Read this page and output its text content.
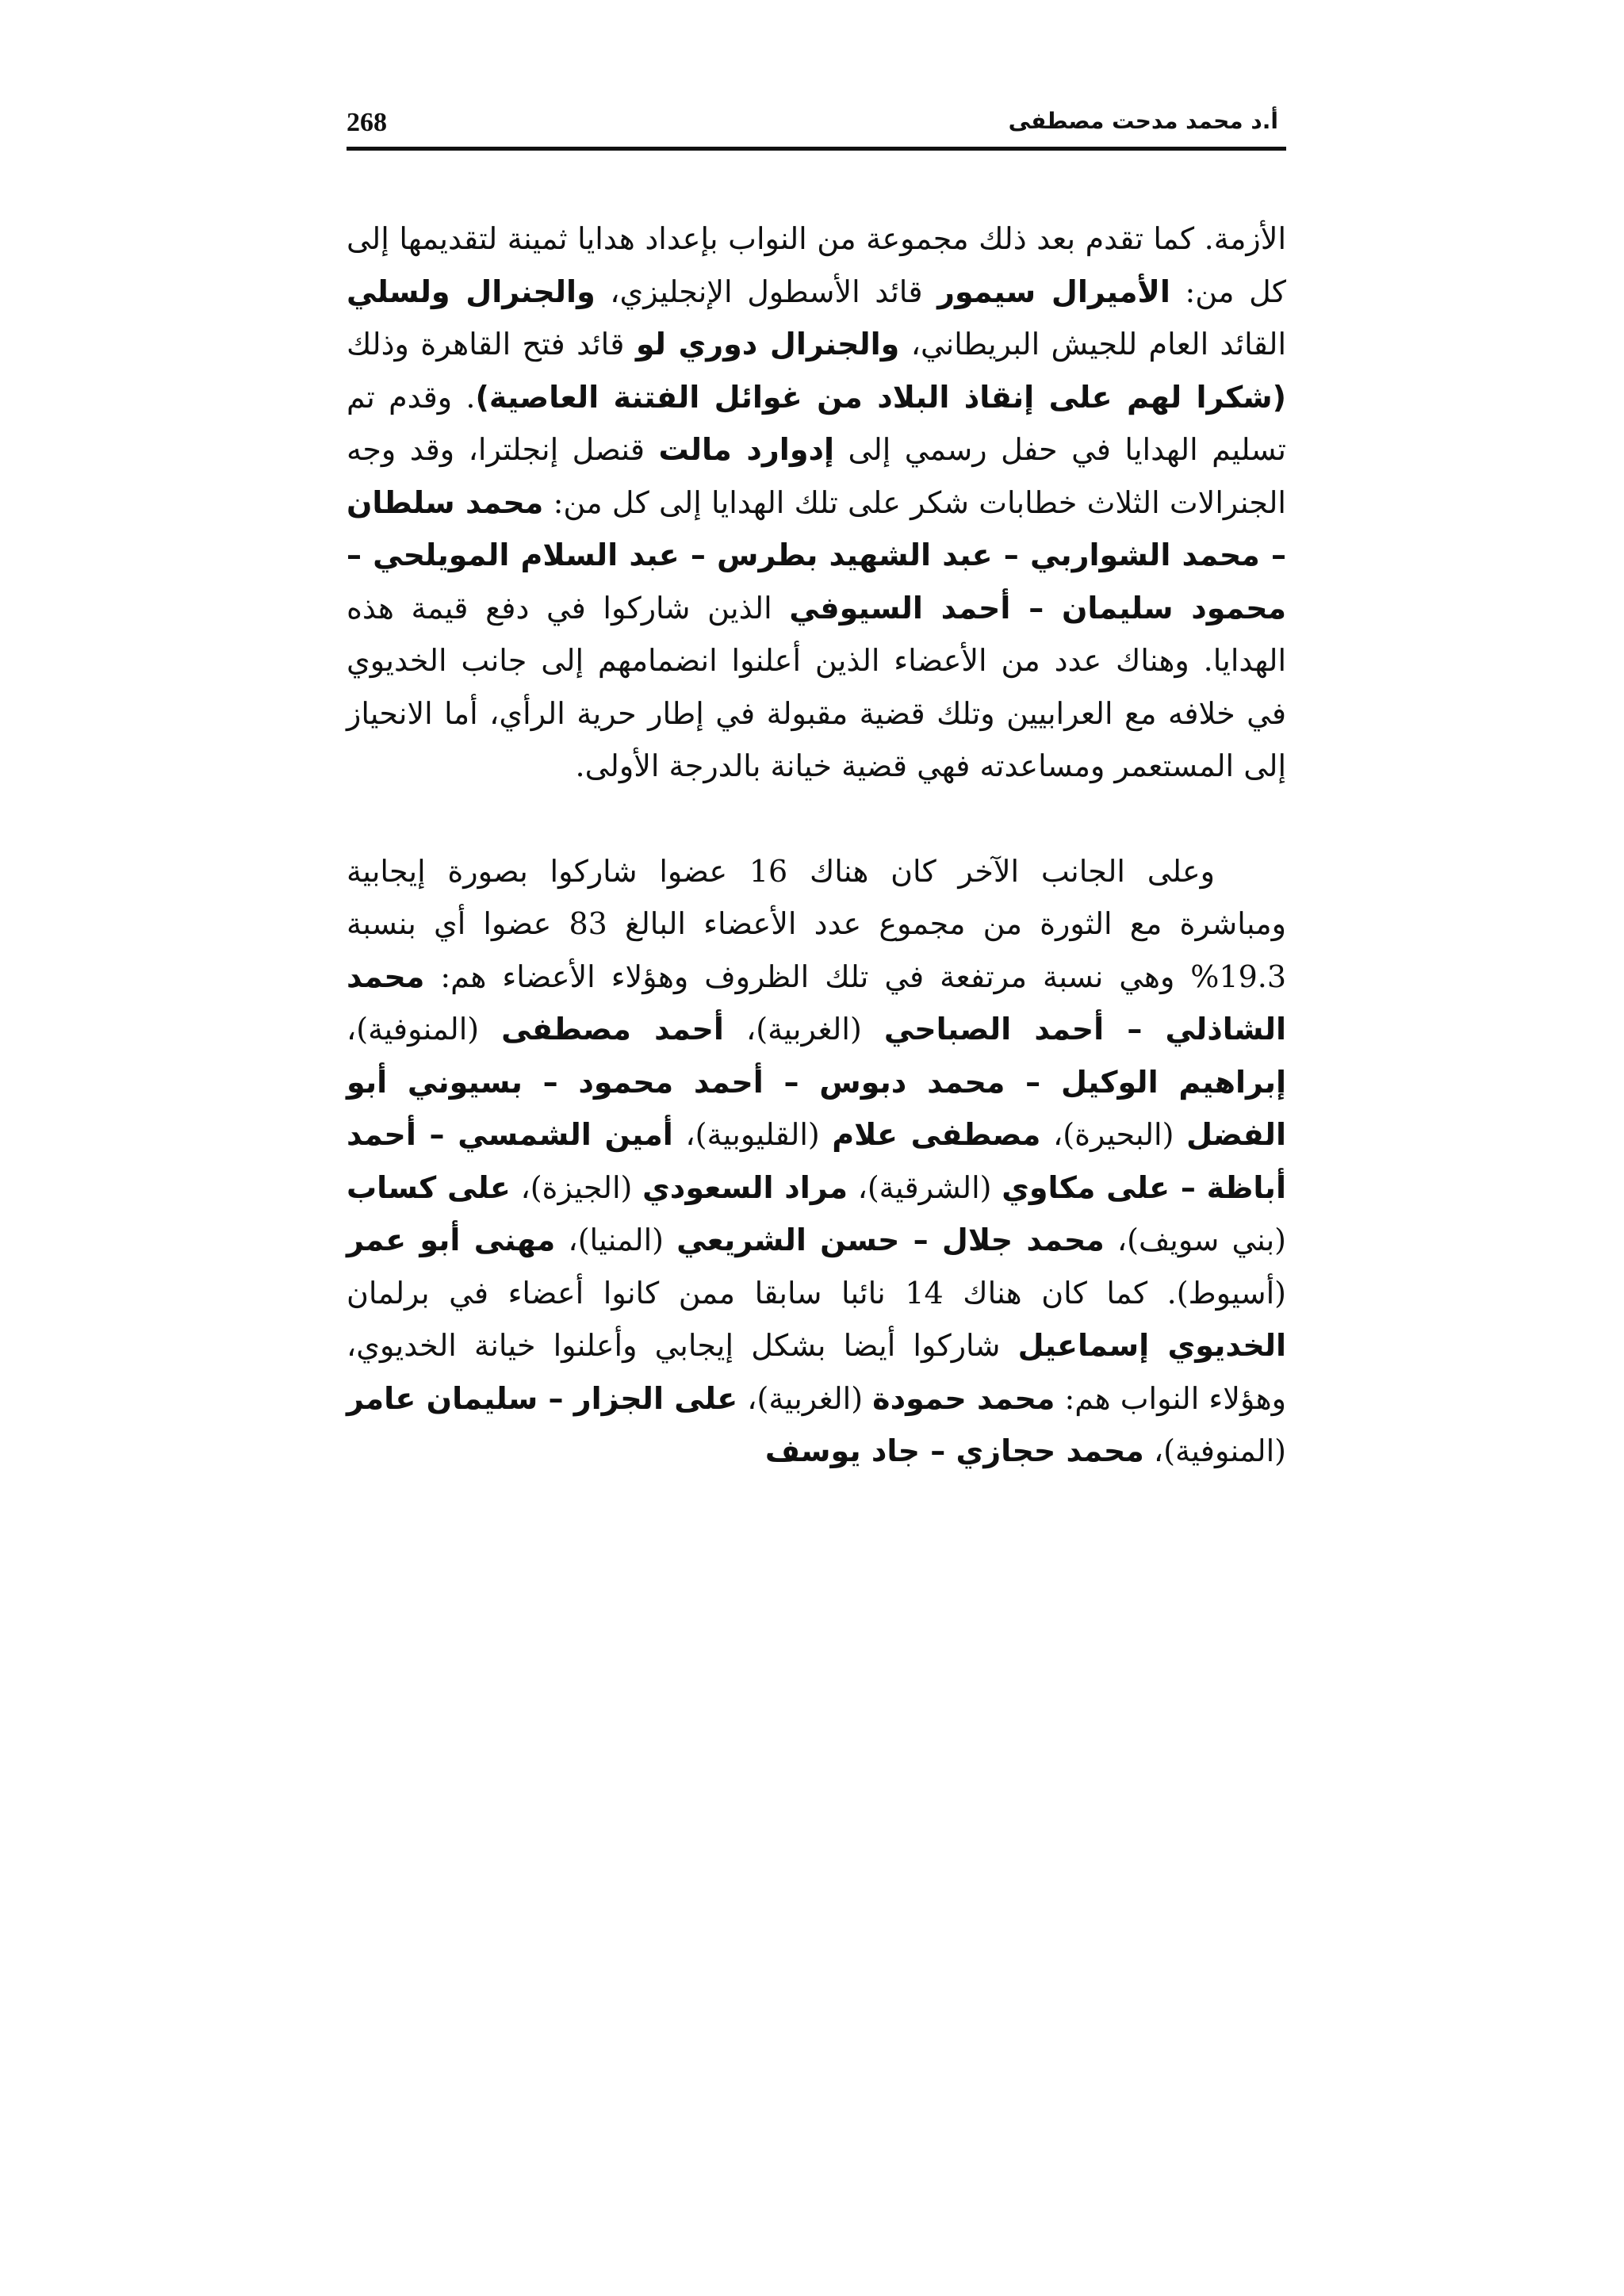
268	أ.د محمد مدحت مصطفى

الأزمة. كما تقدم بعد ذلك مجموعة من النواب بإعداد هدايا ثمينة لتقديمها إلى كل من: الأميرال سيمور قائد الأسطول الإنجليزي، والجنرال ولسلي القائد العام للجيش البريطاني، والجنرال دوري لو قائد فتح القاهرة وذلك (شكرا لهم على إنقاذ البلاد من غوائل الفتنة العاصية). وقدم تم تسليم الهدايا في حفل رسمي إلى إدوارد مالت قنصل إنجلترا، وقد وجه الجنرالات الثلاث خطابات شكر على تلك الهدايا إلى كل من: محمد سلطان – محمد الشواربي – عبد الشهيد بطرس – عبد السلام المويلحي – محمود سليمان – أحمد السيوفي الذين شاركوا في دفع قيمة هذه الهدايا. وهناك عدد من الأعضاء الذين أعلنوا انضمامهم إلى جانب الخديوي في خلافه مع العرابيين وتلك قضية مقبولة في إطار حرية الرأي، أما الانحياز إلى المستعمر ومساعدته فهي قضية خيانة بالدرجة الأولى.

وعلى الجانب الآخر كان هناك 16 عضوا شاركوا بصورة إيجابية ومباشرة مع الثورة من مجموع عدد الأعضاء البالغ 83 عضوا أي بنسبة 19.3% وهي نسبة مرتفعة في تلك الظروف وهؤلاء الأعضاء هم: محمد الشاذلي – أحمد الصباحي (الغربية)، أحمد مصطفى (المنوفية)، إبراهيم الوكيل – محمد دبوس – أحمد محمود – بسيوني أبو الفضل (البحيرة)، مصطفى علام (القليوبية)، أمين الشمسي – أحمد أباظة – على مكاوي (الشرقية)، مراد السعودي (الجيزة)، على كساب (بني سويف)، محمد جلال – حسن الشريعي (المنيا)، مهنى أبو عمر (أسيوط). كما كان هناك 14 نائبا سابقا ممن كانوا أعضاء في برلمان الخديوي إسماعيل شاركوا أيضا بشكل إيجابي وأعلنوا خيانة الخديوي، وهؤلاء النواب هم: محمد حمودة (الغربية)، على الجزار – سليمان عامر (المنوفية)، محمد حجازي – جاد يوسف
